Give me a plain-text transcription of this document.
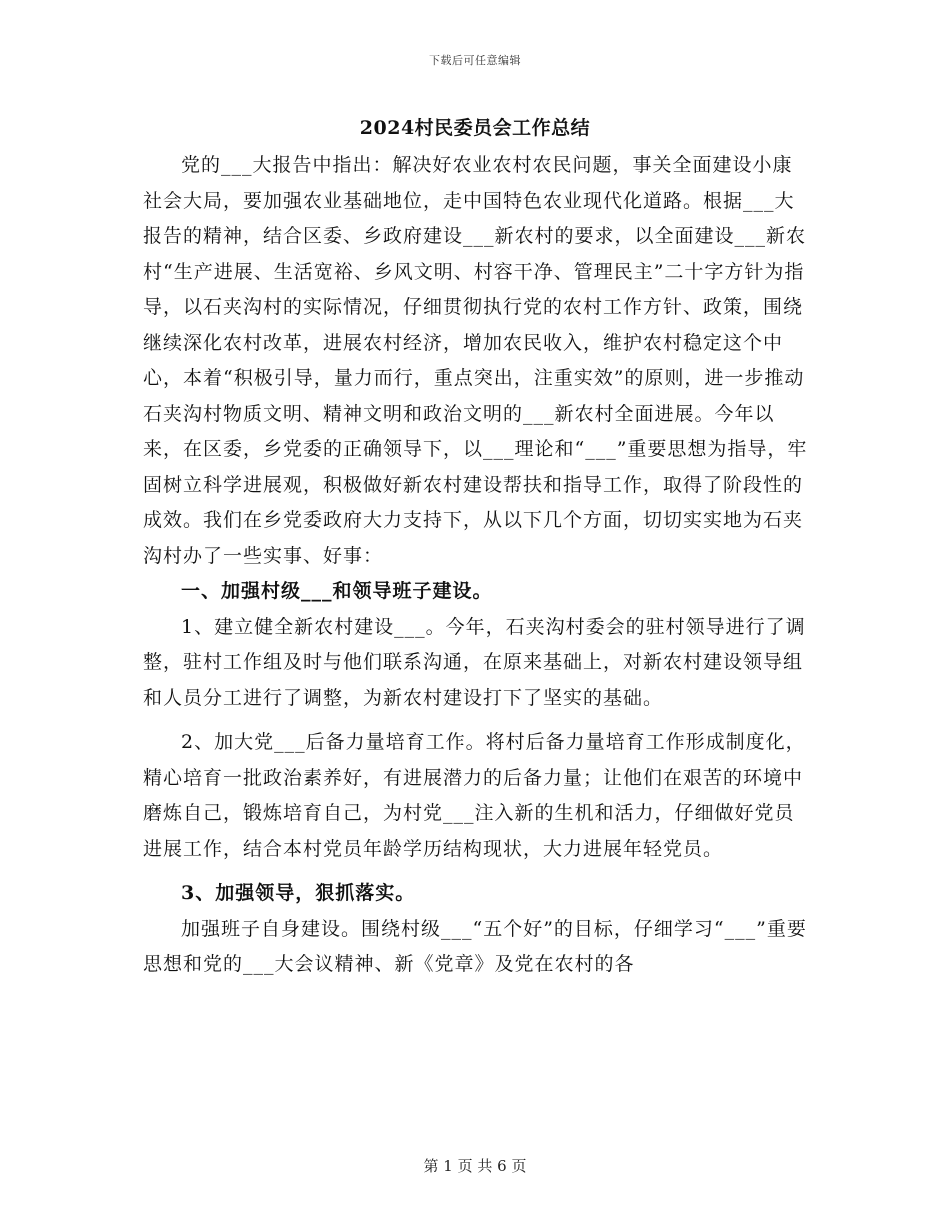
下载后可任意编辑
2024村民委员会工作总结

党的___大报告中指出：解决好农业农村农民问题，事关全面建设小康社会大局，要加强农业基础地位，走中国特色农业现代化道路。根据___大报告的精神，结合区委、乡政府建设___新农村的要求，以全面建设___新农村“生产进展、生活宽裕、乡风文明、村容干净、管理民主”二十字方针为指导，以石夹沟村的实际情况，仔细贯彻执行党的农村工作方针、政策，围绕继续深化农村改革，进展农村经济，增加农民收入，维护农村稳定这个中心，本着“积极引导，量力而行，重点突出，注重实效”的原则，进一步推动石夹沟村物质文明、精神文明和政治文明的___新农村全面进展。今年以来，在区委，乡党委的正确领导下，以___理论和“___”重要思想为指导，牢固树立科学进展观，积极做好新农村建设帮扶和指导工作，取得了阶段性的成效。我们在乡党委政府大力支持下，从以下几个方面，切切实实地为石夹沟村办了一些实事、好事：

一、加强村级___和领导班子建设。

1、建立健全新农村建设___。今年，石夹沟村委会的驻村领导进行了调整，驻村工作组及时与他们联系沟通，在原来基础上，对新农村建设领导组和人员分工进行了调整，为新农村建设打下了坚实的基础。

2、加大党___后备力量培育工作。将村后备力量培育工作形成制度化，精心培育一批政治素养好，有进展潜力的后备力量；让他们在艰苦的环境中磨炼自己，锻炼培育自己，为村党___注入新的生机和活力，仔细做好党员进展工作，结合本村党员年龄学历结构现状，大力进展年轻党员。

3、加强领导，狠抓落实。

加强班子自身建设。围绕村级___“五个好”的目标，仔细学习“___”重要思想和党的___大会议精神、新《党章》及党在农村的各

第 1 页 共 6 页
